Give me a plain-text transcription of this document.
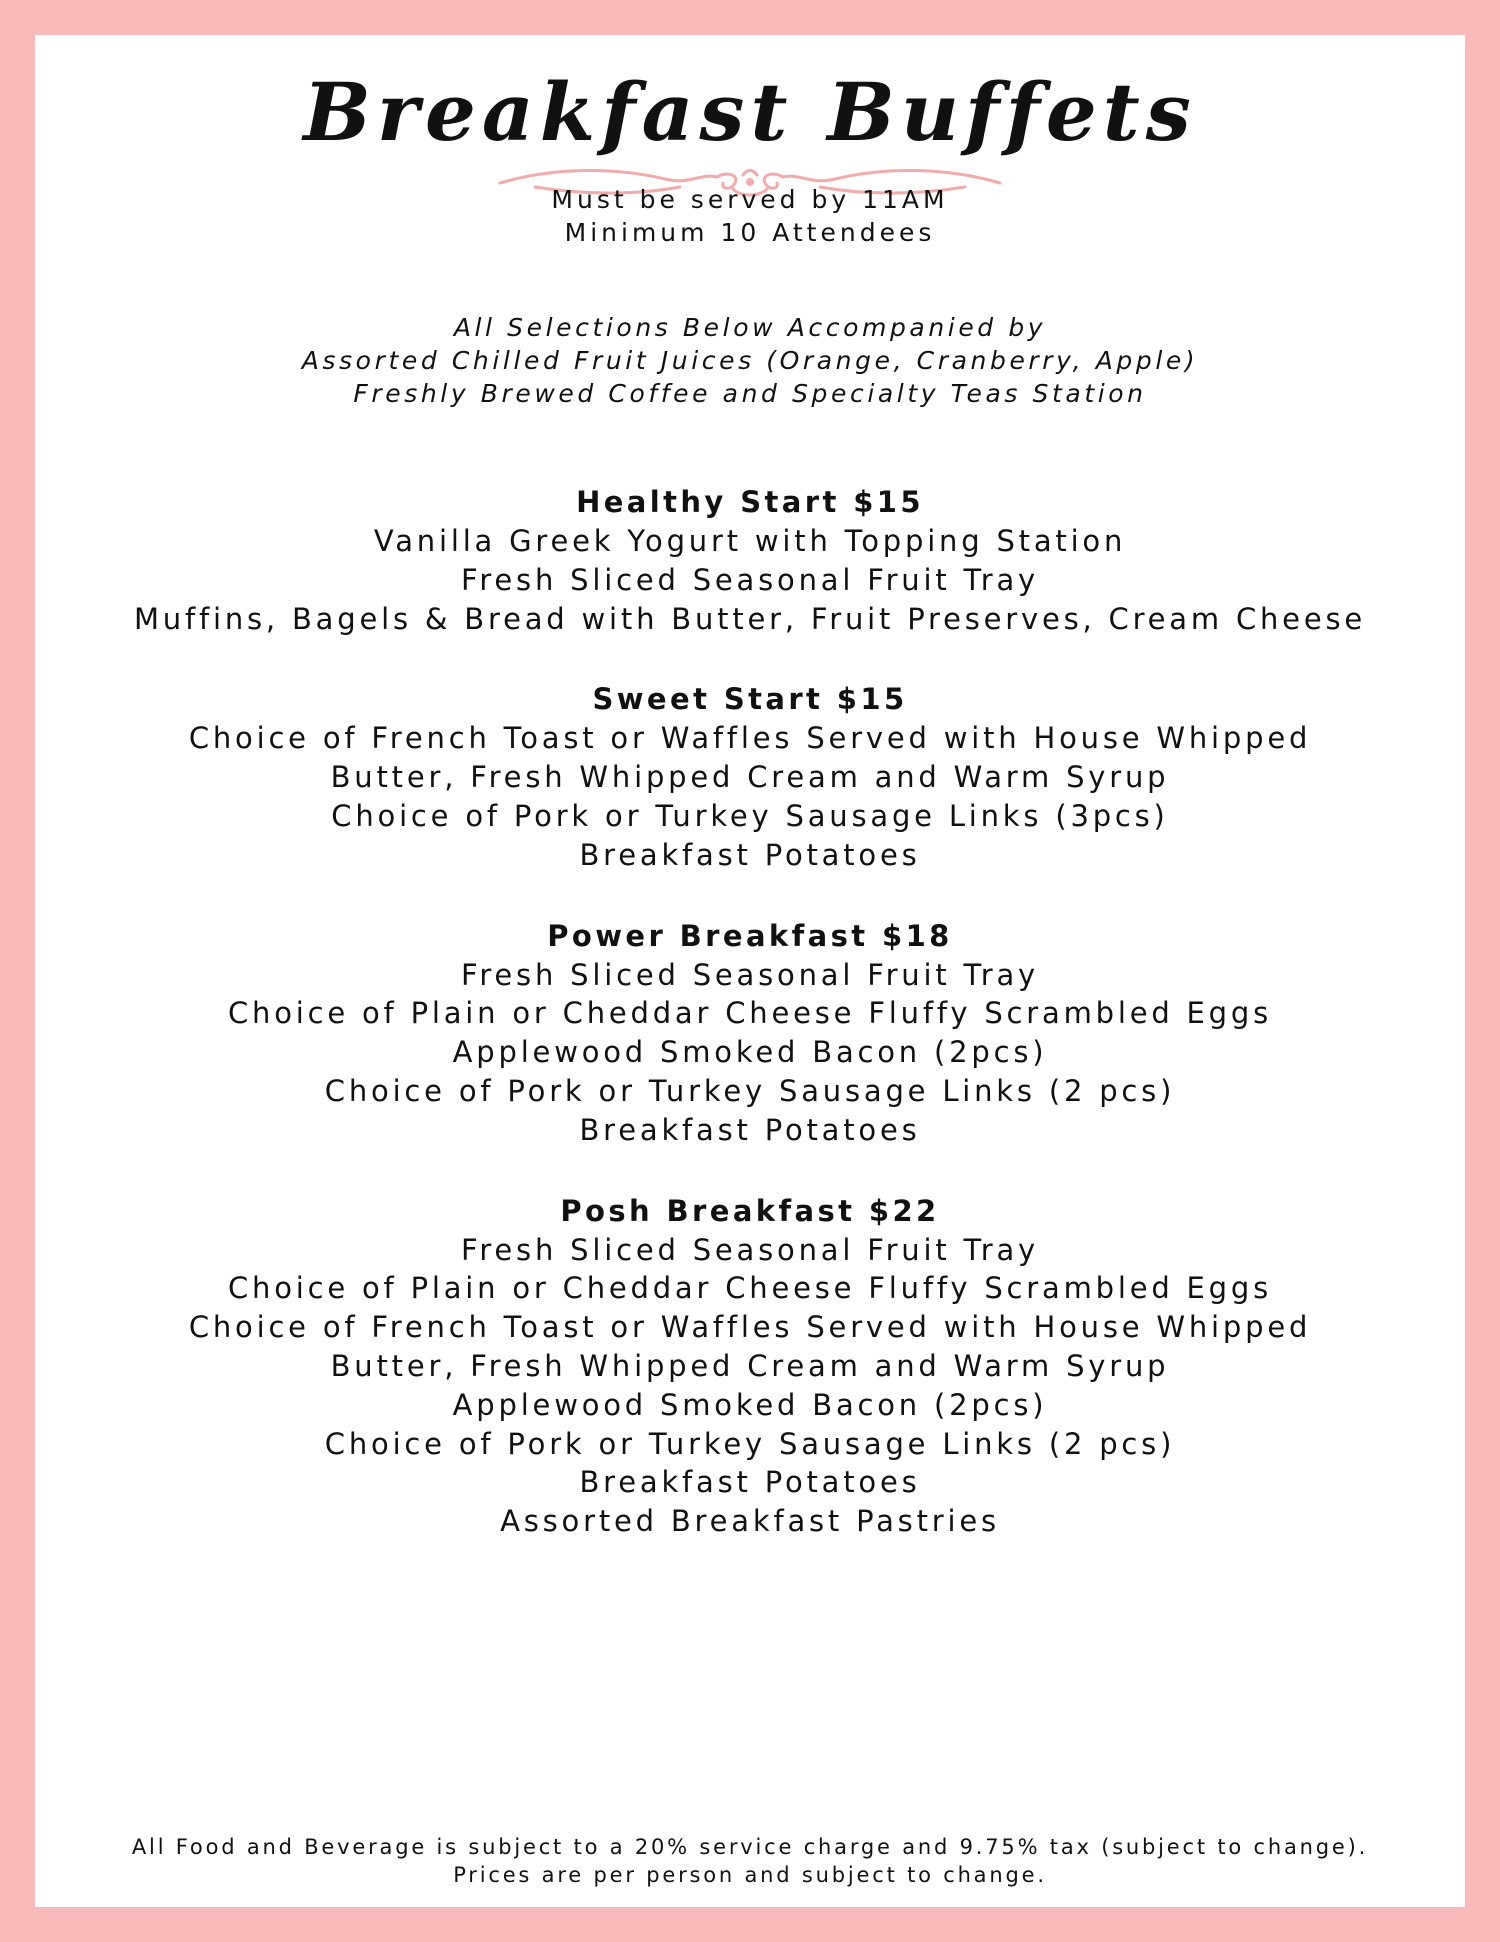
Breakfast Buffets
Must be served by 11AM
Minimum 10 Attendees
All Selections Below Accompanied by
Assorted Chilled Fruit Juices (Orange, Cranberry, Apple)
Freshly Brewed Coffee and Specialty Teas Station
Healthy Start $15
Vanilla Greek Yogurt with Topping Station
Fresh Sliced Seasonal Fruit Tray
Muffins, Bagels & Bread with Butter, Fruit Preserves, Cream Cheese
Sweet Start $15
Choice of French Toast or Waffles Served with House Whipped
Butter, Fresh Whipped Cream and Warm Syrup
Choice of Pork or Turkey Sausage Links (3pcs)
Breakfast Potatoes
Power Breakfast $18
Fresh Sliced Seasonal Fruit Tray
Choice of Plain or Cheddar Cheese Fluffy Scrambled Eggs
Applewood Smoked Bacon (2pcs)
Choice of Pork or Turkey Sausage Links (2 pcs)
Breakfast Potatoes
Posh Breakfast $22
Fresh Sliced Seasonal Fruit Tray
Choice of Plain or Cheddar Cheese Fluffy Scrambled Eggs
Choice of French Toast or Waffles Served with House Whipped
Butter, Fresh Whipped Cream and Warm Syrup
Applewood Smoked Bacon (2pcs)
Choice of Pork or Turkey Sausage Links (2 pcs)
Breakfast Potatoes
Assorted Breakfast Pastries
All Food and Beverage is subject to a 20% service charge and 9.75% tax (subject to change).
Prices are per person and subject to change.
